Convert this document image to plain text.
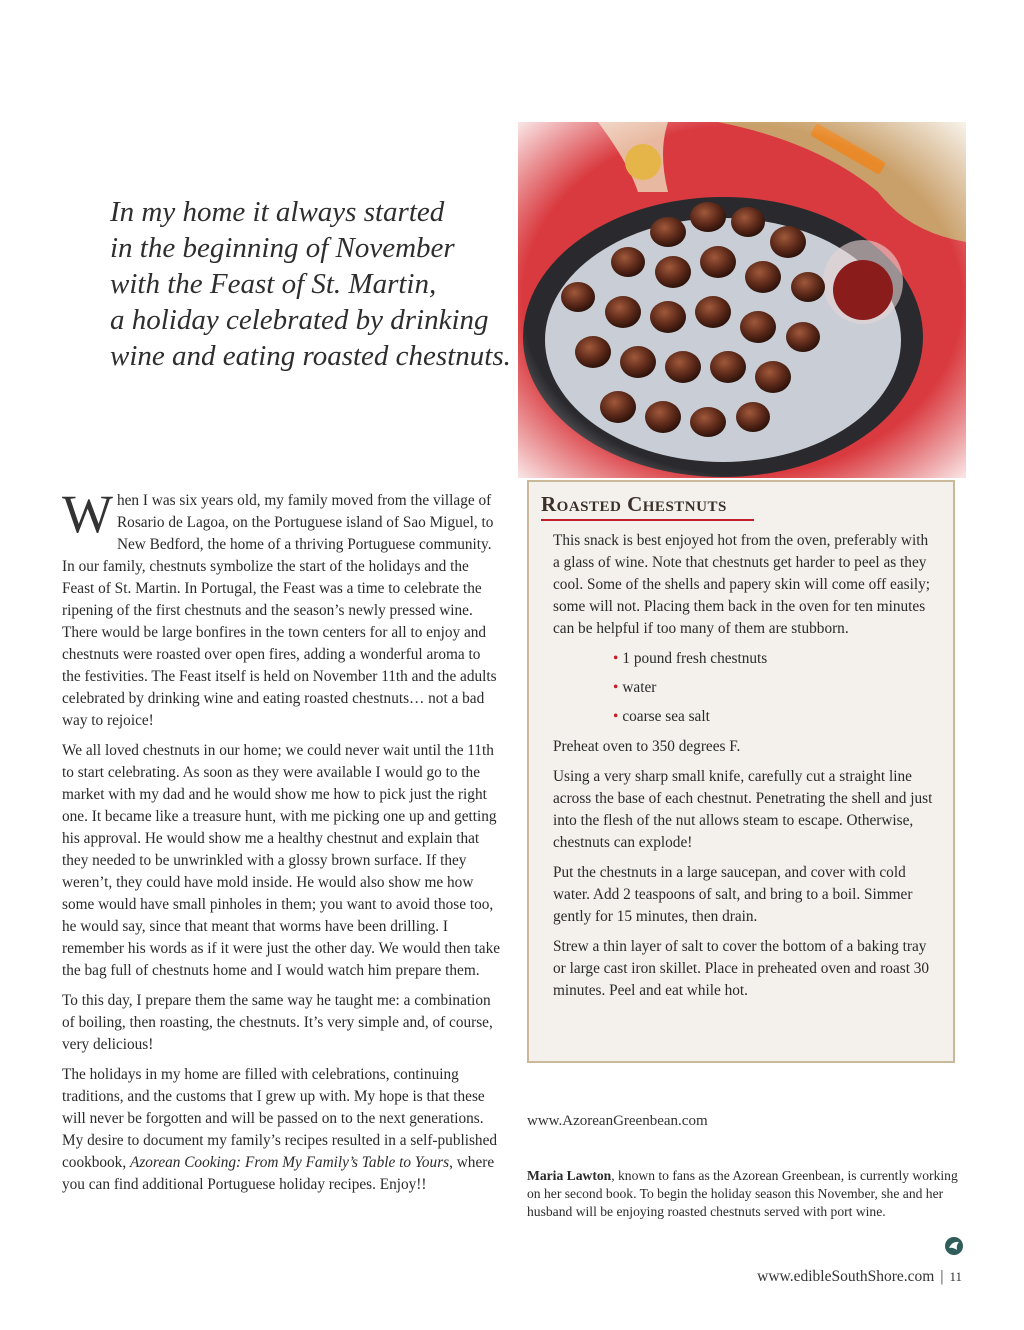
In my home it always started
in the beginning of November
with the Feast of St. Martin,
a holiday celebrated by drinking
wine and eating roasted chestnuts.

When I was six years old, my family moved from the village of Rosario de Lagoa, on the Portuguese island of Sao Miguel, to New Bedford, the home of a thriving Portuguese community. In our family, chestnuts symbolize the start of the holidays and the Feast of St. Martin. In Portugal, the Feast was a time to celebrate the ripening of the first chestnuts and the season’s newly pressed wine. There would be large bonfires in the town centers for all to enjoy and chestnuts were roasted over open fires, adding a wonderful aroma to the festivities. The Feast itself is held on November 11th and the adults celebrated by drinking wine and eating roasted chestnuts… not a bad way to rejoice!

We all loved chestnuts in our home; we could never wait until the 11th to start celebrating. As soon as they were available I would go to the market with my dad and he would show me how to pick just the right one. It became like a treasure hunt, with me picking one up and getting his approval. He would show me a healthy chestnut and explain that they needed to be unwrinkled with a glossy brown surface. If they weren’t, they could have mold inside. He would also show me how some would have small pinholes in them; you want to avoid those too, he would say, since that meant that worms have been drilling. I remember his words as if it were just the other day. We would then take the bag full of chestnuts home and I would watch him prepare them.

To this day, I prepare them the same way he taught me: a combination of boiling, then roasting, the chestnuts. It’s very simple and, of course, very delicious!

The holidays in my home are filled with celebrations, continuing traditions, and the customs that I grew up with. My hope is that these will never be forgotten and will be passed on to the next generations. My desire to document my family’s recipes resulted in a self-published cookbook, Azorean Cooking: From My Family’s Table to Yours, where you can find additional Portuguese holiday recipes. Enjoy!!

Roasted Chestnuts

This snack is best enjoyed hot from the oven, preferably with a glass of wine. Note that chestnuts get harder to peel as they cool. Some of the shells and papery skin will come off easily; some will not. Placing them back in the oven for ten minutes can be helpful if too many of them are stubborn.

• 1 pound fresh chestnuts
• water
• coarse sea salt

Preheat oven to 350 degrees F.

Using a very sharp small knife, carefully cut a straight line across the base of each chestnut. Penetrating the shell and just into the flesh of the nut allows steam to escape. Otherwise, chestnuts can explode!

Put the chestnuts in a large saucepan, and cover with cold water. Add 2 teaspoons of salt, and bring to a boil. Simmer gently for 15 minutes, then drain.

Strew a thin layer of salt to cover the bottom of a baking tray or large cast iron skillet. Place in preheated oven and roast 30 minutes. Peel and eat while hot.

www.AzoreanGreenbean.com
Maria Lawton, known to fans as the Azorean Greenbean, is currently working on her second book. To begin the holiday season this November, she and her husband will be enjoying roasted chestnuts served with port wine.
www.edibleSouthShore.com | 11
